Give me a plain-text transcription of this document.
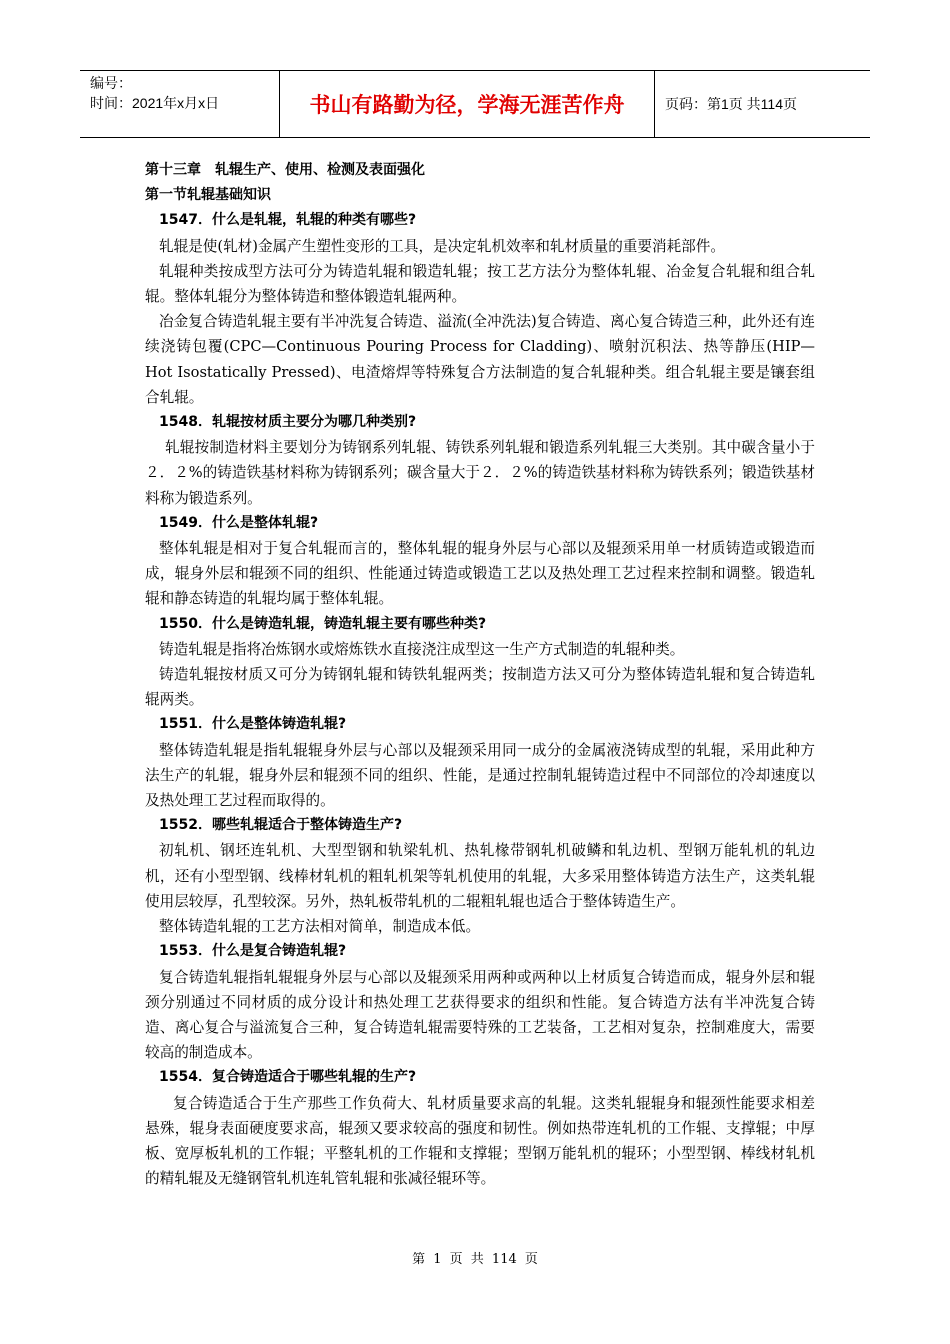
编号：
时间：2021年x月x日	书山有路勤为径，学海无涯苦作舟	页码：第1页 共114页

第十三章　轧辊生产、使用、检测及表面强化

第一节轧辊基础知识

1547．什么是轧辊，轧辊的种类有哪些?

轧辊是使(轧材)金属产生塑性变形的工具，是决定轧机效率和轧材质量的重要消耗部件。

轧辊种类按成型方法可分为铸造轧辊和锻造轧辊；按工艺方法分为整体轧辊、冶金复合轧辊和组合轧辊。整体轧辊分为整体铸造和整体锻造轧辊两种。

冶金复合铸造轧辊主要有半冲洗复合铸造、溢流(全冲洗法)复合铸造、离心复合铸造三种，此外还有连续浇铸包覆(CPC—Continuous Pouring Process for Cladding)、喷射沉积法、热等静压(HIP—Hot Isostatically Pressed)、电渣熔焊等特殊复合方法制造的复合轧辊种类。组合轧辊主要是镶套组合轧辊。

1548．轧辊按材质主要分为哪几种类别?

轧辊按制造材料主要划分为铸钢系列轧辊、铸铁系列轧辊和锻造系列轧辊三大类别。其中碳含量小于２．２%的铸造铁基材料称为铸钢系列；碳含量大于２．２%的铸造铁基材料称为铸铁系列；锻造铁基材料称为锻造系列。

1549．什么是整体轧辊?

整体轧辊是相对于复合轧辊而言的，整体轧辊的辊身外层与心部以及辊颈采用单一材质铸造或锻造而成，辊身外层和辊颈不同的组织、性能通过铸造或锻造工艺以及热处理工艺过程来控制和调整。锻造轧辊和静态铸造的轧辊均属于整体轧辊。

1550．什么是铸造轧辊，铸造轧辊主要有哪些种类?

铸造轧辊是指将冶炼钢水或熔炼铁水直接浇注成型这一生产方式制造的轧辊种类。

铸造轧辊按材质又可分为铸钢轧辊和铸铁轧辊两类；按制造方法又可分为整体铸造轧辊和复合铸造轧辊两类。

1551．什么是整体铸造轧辊?

整体铸造轧辊是指轧辊辊身外层与心部以及辊颈采用同一成分的金属液浇铸成型的轧辊，采用此种方法生产的轧辊，辊身外层和辊颈不同的组织、性能，是通过控制轧辊铸造过程中不同部位的冷却速度以及热处理工艺过程而取得的。

1552．哪些轧辊适合于整体铸造生产?

初轧机、钢坯连轧机、大型型钢和轨梁轧机、热轧椽带钢轧机破鳞和轧边机、型钢万能轧机的轧边机，还有小型型钢、线棒材轧机的粗轧机架等轧机使用的轧辊，大多采用整体铸造方法生产，这类轧辊使用层较厚，孔型较深。另外，热轧板带轧机的二辊粗轧辊也适合于整体铸造生产。

整体铸造轧辊的工艺方法相对简单，制造成本低。

1553．什么是复合铸造轧辊?

复合铸造轧辊指轧辊辊身外层与心部以及辊颈采用两种或两种以上材质复合铸造而成，辊身外层和辊颈分别通过不同材质的成分设计和热处理工艺获得要求的组织和性能。复合铸造方法有半冲洗复合铸造、离心复合与溢流复合三种，复合铸造轧辊需要特殊的工艺装备，工艺相对复杂，控制难度大，需要较高的制造成本。

1554．复合铸造适合于哪些轧辊的生产?

复合铸造适合于生产那些工作负荷大、轧材质量要求高的轧辊。这类轧辊辊身和辊颈性能要求相差悬殊，辊身表面硬度要求高，辊颈又要求较高的强度和韧性。例如热带连轧机的工作辊、支撑辊；中厚板、宽厚板轧机的工作辊；平整轧机的工作辊和支撑辊；型钢万能轧机的辊环；小型型钢、棒线材轧机的精轧辊及无缝钢管轧机连轧管轧辊和张减径辊环等。

第 1 页 共 114 页
